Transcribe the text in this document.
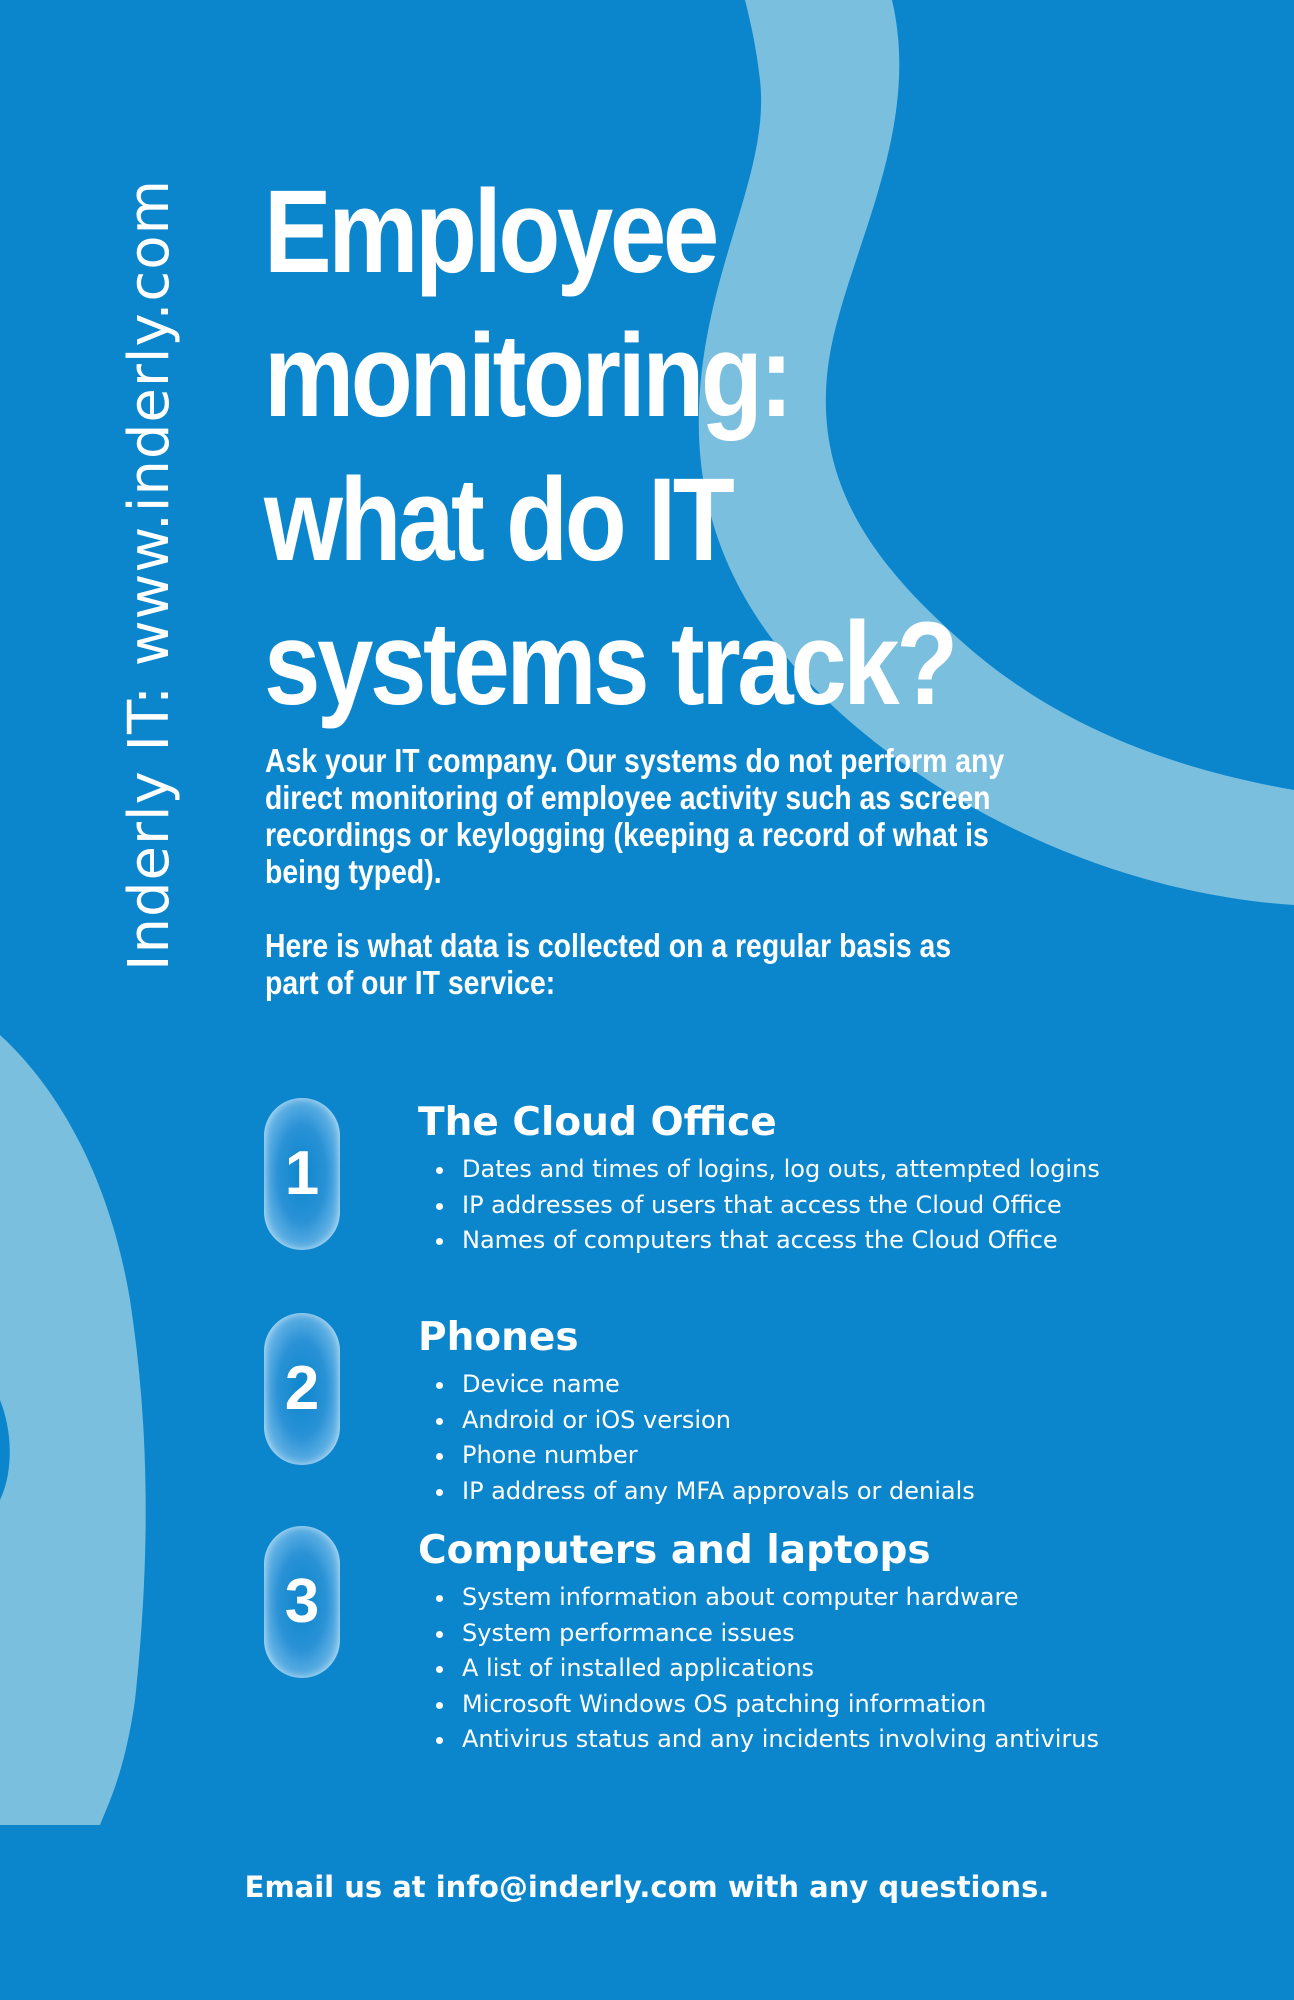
Inderly IT: www.inderly.com Employee
monitoring:
what do IT
systems track?

Ask your IT company. Our systems do not perform any direct monitoring of employee activity such as screen recordings or keylogging (keeping a record of what is being typed).

Here is what data is collected on a regular basis as part of our IT service:

1
The Cloud Office
Dates and times of logins, log outs, attempted logins
IP addresses of users that access the Cloud Office
Names of computers that access the Cloud Office
2
Phones
Device name
Android or iOS version
Phone number
IP address of any MFA approvals or denials
3
Computers and laptops
System information about computer hardware
System performance issues
A list of installed applications
Microsoft Windows OS patching information
Antivirus status and any incidents involving antivirus

Email us at info@inderly.com with any questions.
